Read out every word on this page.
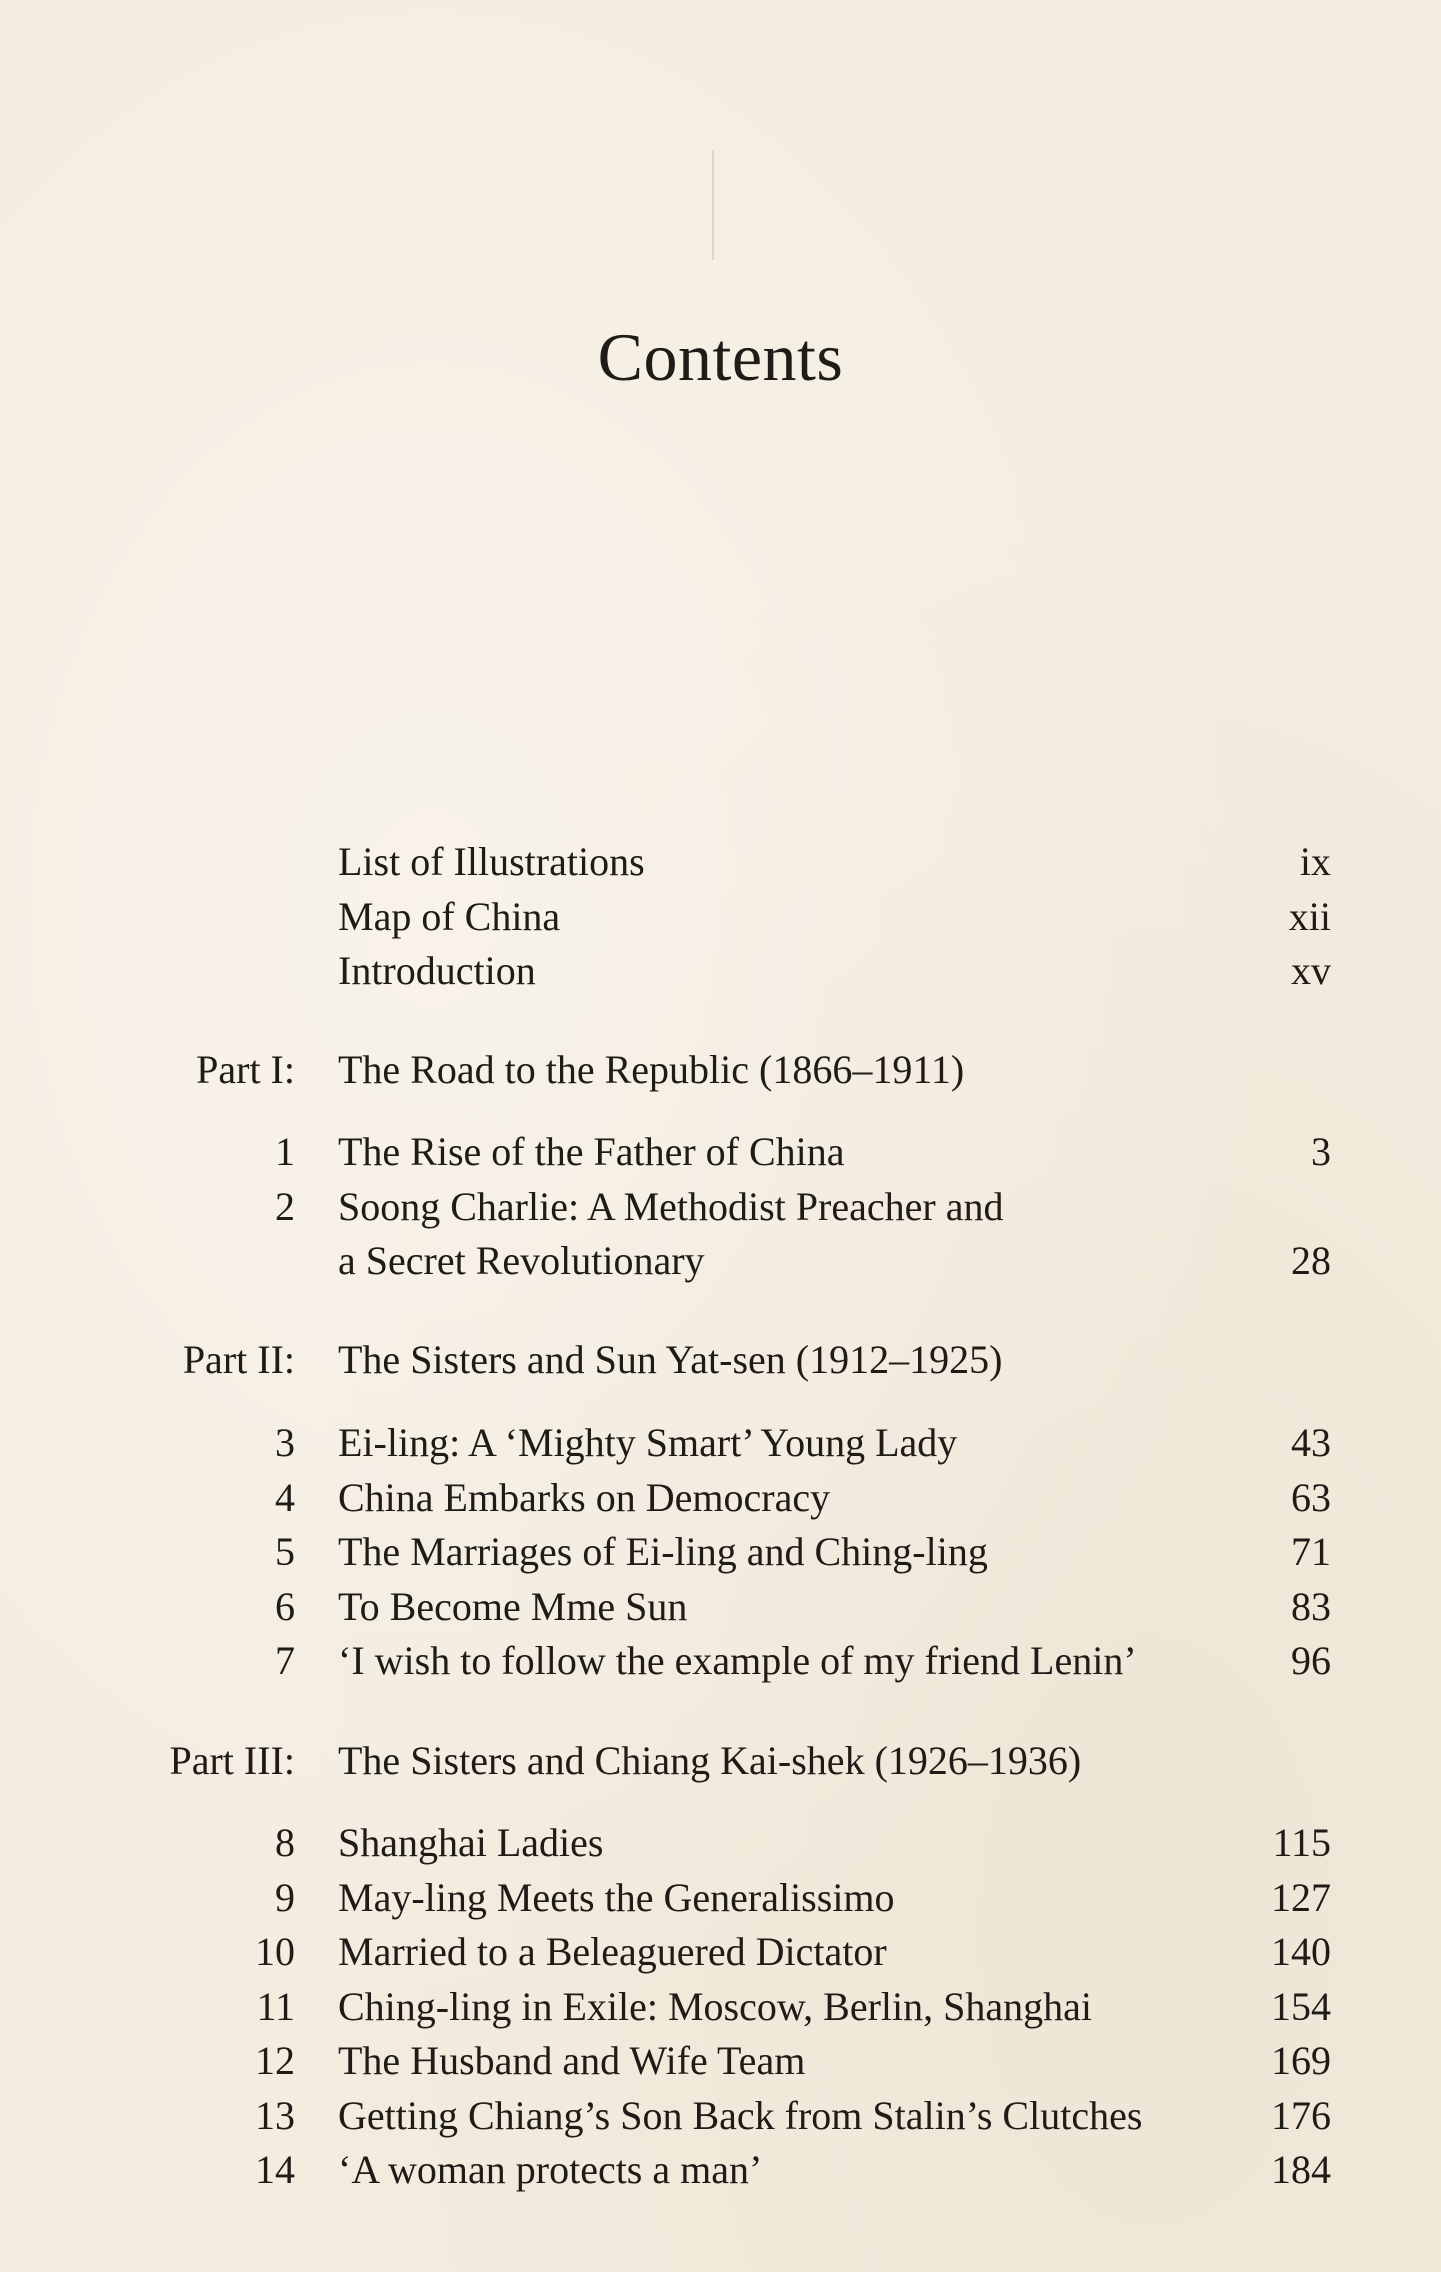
Contents
List of Illustrations	ix
Map of China	xii
Introduction	xv
Part I: The Road to the Republic (1866–1911)
1 The Rise of the Father of China	3
2 Soong Charlie: A Methodist Preacher and
a Secret Revolutionary	28
Part II: The Sisters and Sun Yat-sen (1912–1925)
3 Ei-ling: A ‘Mighty Smart’ Young Lady	43
4 China Embarks on Democracy	63
5 The Marriages of Ei-ling and Ching-ling	71
6 To Become Mme Sun	83
7 ‘I wish to follow the example of my friend Lenin’	96
Part III: The Sisters and Chiang Kai-shek (1926–1936)
8 Shanghai Ladies	115
9 May-ling Meets the Generalissimo	127
10 Married to a Beleaguered Dictator	140
11 Ching-ling in Exile: Moscow, Berlin, Shanghai	154
12 The Husband and Wife Team	169
13 Getting Chiang’s Son Back from Stalin’s Clutches	176
14 ‘A woman protects a man’	184
